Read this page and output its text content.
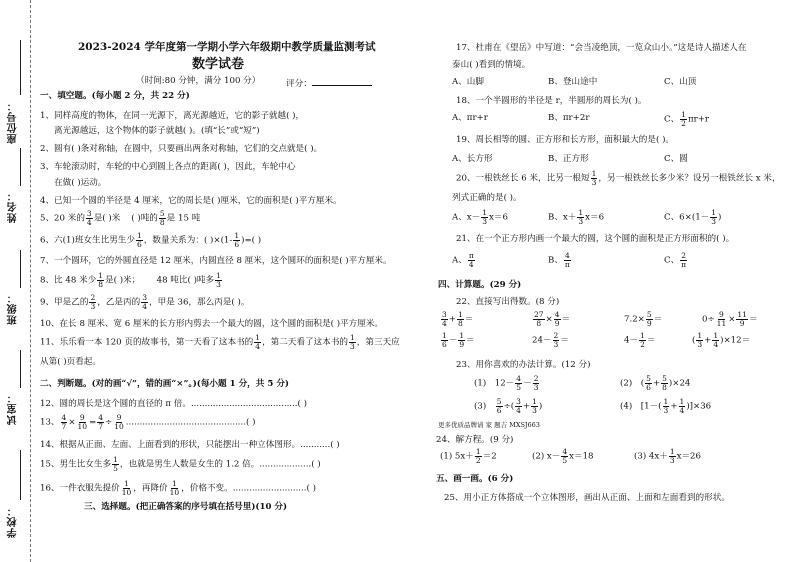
座位号：
姓名：
班级：
试室：
学校：
2023-2024 学年度第一学期小学六年级期中教学质量监测考试
数学试卷
（时间:80 分钟，满分 100 分）	评分：
一、填空题。(每小题 2 分，共 22 分)
1、同样高度的物体，在同一光源下，离光源越近，它的影子就越( )，
离光源越远，这个物体的影子就越( )。(填“长”或“短”)
2、圆有( )条对称轴，在圆中，只要画出两条对称轴，它们的交点就是( )。
3、车轮滚动时，车轮的中心到圆上各点的距离( )，因此，车轮中心
在做( )运动。
4、已知一个圆的半径是 4 厘米，它的周长是( )厘米，它的面积是( )平方厘米。
5、20 米的 $\frac{3}{4}$ 是( )米 ( )吨的 $\frac{5}{8}$ 是 15 吨
6、六(1)班女生比男生少 $\frac{1}{6}$ ，数量关系为：( )$\times(1- \frac{1}{6}$ )=( )
7、一个圆环，它的外圆直径是 12 厘米，内圆直径 8 厘米，这个圆环的面积是( )平方厘米。
8、比 48 米少 $\frac{1}{8}$ 是( )米； 48 吨比( )吨多 $\frac{1}{3}$
9、甲是乙的 $\frac{2}{3}$ ，乙是丙的 $\frac{3}{4}$ ，甲是 36，那么丙是( )。
10、在长 8 厘米、宽 6 厘米的长方形内剪去一个最大的圆，这个圆的面积是( )平方厘米。
11、乐乐看一本 120 页的故事书，第一天看了这本书的 $\frac{1}{4}$ ，第二天看了这本书的 $\frac{1}{3}$ ，第三天应
从第( )页看起。
二、判断题。(对的画“√”，错的画“×”。)(每小题 1 分，共 5 分)
12、圆的周长是这个圆的直径的 π 倍。.......................................( )
13、 $\frac{4}{7} \times \frac{9}{10} = \frac{4}{7} \div \frac{9}{10}$ ............................................( )
14、根据从正面、左面、上面看到的形状，只能摆出一种立体图形。...........( )
15、男生比女生多 $\frac{1}{5}$ ，也就是男生人数是女生的 1.2 倍。...................( )
16、一件衣服先提价 $\frac{1}{10}$ ，再降价 $\frac{1}{10}$ ，价格不变。...........................( )
三、选择题。(把正确答案的序号填在括号里)(10 分)
17、杜甫在《望岳》中写道：“会当凌绝顶，一览众山小。”这是诗人描述人在
泰山( )看到的情境。
A、山脚	B、登山途中	C、山顶
18、一个半圆形的半径是 r，半圆形的周长为( )。
A、πr+r	B、πr+2r	C、 $\frac{1}{2} \pi r+r$
19、周长相等的圆、正方形和长方形，面积最大的是( )。
A、长方形	B、正方形	C、圆
20、一根铁丝长 6 米，比另一根短 $\frac{1}{3}$ ，另一根铁丝长多少米？设另一根铁丝长 x 米，
列式正确的是( )。
A、$x- \frac{1}{3} x=6$	B、$x+ \frac{1}{3} x=6$	C、$6\times(1- \frac{1}{3}$ )
21、在一个正方形内画一个最大的圆，这个圆的面积是正方形面积的( )。
A、 $\frac{\pi}{4}$	B、 $\frac{4}{\pi}$	C、 $\frac{2}{\pi}$
四、计算题。(29 分)
22、直接写出得数。(8 分)
$\frac{3}{4} + \frac{1}{8}$ ＝	$\frac{27}{8} \times \frac{4}{9}$ ＝	$7.2\times \frac{5}{9}$ ＝	$0\div \frac{9}{11} \times \frac{11}{9}$ ＝
$\frac{1}{6} - \frac{1}{9}$ ＝	$24- \frac{2}{3}$ ＝	$4- \frac{1}{2}$ ＝	( $\frac{1}{3} + \frac{1}{4} )\times 12=$
23、用你喜欢的办法计算。(12 分)
(1)　$12- \frac{4}{5} - \frac{2}{3}$	(2)　( $\frac{5}{6} + \frac{5}{8} )\times 24$
(3)　 $\frac{5}{6}$ ÷( $\frac{3}{4} + \frac{1}{3}$ )	(4)　$[1-( \frac{1}{3} + \frac{1}{4} )]\times 36$
更多优质品牌请 家 题吉 MXSJ663
24、解方程。(9 分)
(1) $5x+ \frac{1}{2} =2$	(2) $x- \frac{4}{5} x=18$	(3) $4x+ \frac{1}{3} x=26$
五、画一画。(6 分)
25、用小正方体搭成一个立体图形，画出从正面、上面和左面看到的形状。
